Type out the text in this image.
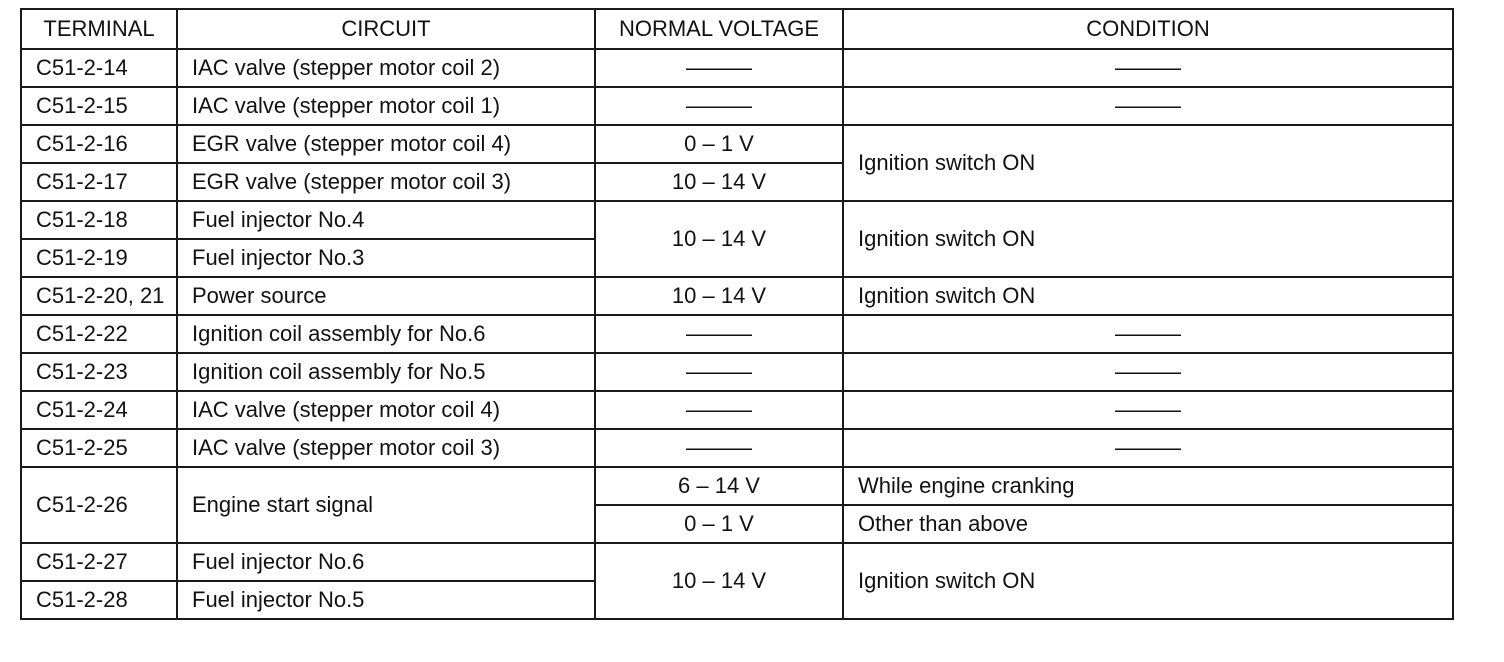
TERMINAL	CIRCUIT	NORMAL VOLTAGE	CONDITION
C51-2-14	IAC valve (stepper motor coil 2)	———	———
C51-2-15	IAC valve (stepper motor coil 1)	———	———
C51-2-16	EGR valve (stepper motor coil 4)	0 – 1 V	Ignition switch ON
C51-2-17	EGR valve (stepper motor coil 3)	10 – 14 V	
C51-2-18	Fuel injector No.4	10 – 14 V	Ignition switch ON
C51-2-19	Fuel injector No.3		
C51-2-20, 21	Power source	10 – 14 V	Ignition switch ON
C51-2-22	Ignition coil assembly for No.6	———	———
C51-2-23	Ignition coil assembly for No.5	———	———
C51-2-24	IAC valve (stepper motor coil 4)	———	———
C51-2-25	IAC valve (stepper motor coil 3)	———	———
C51-2-26	Engine start signal	6 – 14 V	While engine cranking
		0 – 1 V	Other than above
C51-2-27	Fuel injector No.6	10 – 14 V	Ignition switch ON
C51-2-28	Fuel injector No.5		
